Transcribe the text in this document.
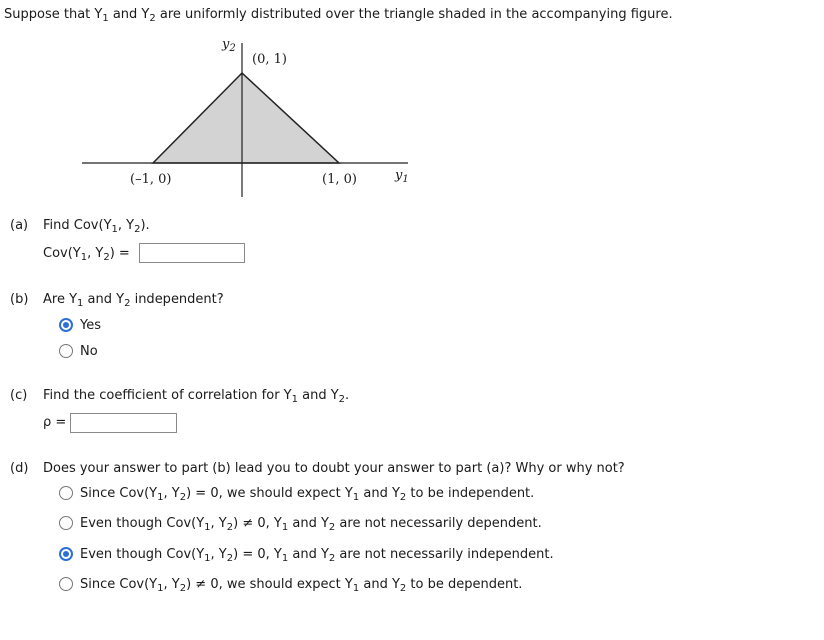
Suppose that $Y_1$ and $Y_2$ are uniformly distributed over the triangle shaded in the accompanying figure.
$y_2$
(0, 1)
(–1, 0)	(1, 0)	$y_1$
(a) Find $Cov(Y_1$, $Y_2$).
$Cov(Y_1$, $Y_2$) =
(b) Are $Y_1$ and $Y_2$ independent?
Yes
No
(c) Find the coefficient of correlation for $Y_1$ and $Y_2$.
ρ =
(d) Does your answer to part (b) lead you to doubt your answer to part (a)? Why or why not?
Since $Cov(Y_1$, $Y_2) = 0$, we should expect $Y_1$ and $Y_2$ to be independent.
Even though $Cov(Y_1$, $Y_2) \ne 0$, $Y_1$ and $Y_2$ are not necessarily dependent.
Even though $Cov(Y_1$, $Y_2) = 0$, $Y_1$ and $Y_2$ are not necessarily independent.
Since $Cov(Y_1$, $Y_2) \ne 0$, we should expect $Y_1$ and $Y_2$ to be dependent.
